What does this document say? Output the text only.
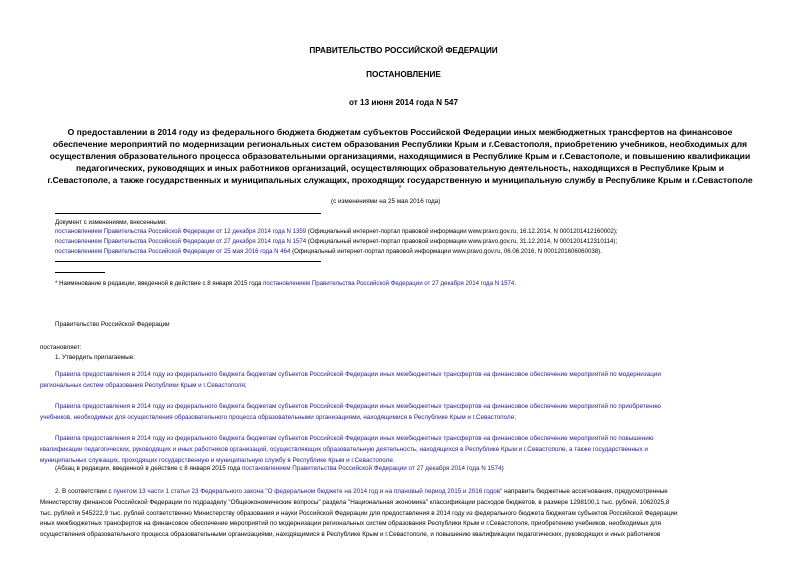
ПРАВИТЕЛЬСТВО РОССИЙСКОЙ ФЕДЕРАЦИИ
ПОСТАНОВЛЕНИЕ
от 13 июня 2014 года N 547
О предоставлении в 2014 году из федерального бюджета бюджетам субъектов Российской Федерации иных межбюджетных трансфертов на финансовое
обеспечение мероприятий по модернизации региональных систем образования Республики Крым и г.Севастополя, приобретению учебников, необходимых для
осуществления образовательного процесса образовательными организациями, находящимися в Республике Крым и г.Севастополе, и повышению квалификации
педагогических, руководящих и иных работников организаций, осуществляющих образовательную деятельность, находящихся в Республике Крым и
г.Севастополе, а также государственных и муниципальных служащих, проходящих государственную и муниципальную службу в Республике Крым и г.Севастополе
*
(с изменениями на 25 мая 2016 года)
Документ с изменениями, внесенными:
постановлением Правительства Российской Федерации от 12 декабря 2014 года N 1359 (Официальный интернет-портал правовой информации www.pravo.gov.ru, 16.12.2014, N 0001201412160002);
постановлением Правительства Российской Федерации от 27 декабря 2014 года N 1574 (Официальный интернет-портал правовой информации www.pravo.gov.ru, 31.12.2014, N 0001201412310114);
постановлением Правительства Российской Федерации от 25 мая 2016 года N 464 (Официальный интернет-портал правовой информации www.pravo.gov.ru, 06.06.2016, N 0001201606060038).
* Наименование в редакции, введенной в действие с 8 января 2015 года постановлением Правительства Российской Федерации от 27 декабря 2014 года N 1574.
Правительство Российской Федерации
постановляет:
1. Утвердить прилагаемые:
Правила предоставления в 2014 году из федерального бюджета бюджетам субъектов Российской Федерации иных межбюджетных трансфертов на финансовое обеспечение мероприятий по модернизации
региональных систем образования Республики Крым и г.Севастополя;
Правила предоставления в 2014 году из федерального бюджета бюджетам субъектов Российской Федерации иных межбюджетных трансфертов на финансовое обеспечение мероприятий по приобретению
учебников, необходимых для осуществления образовательного процесса образовательными организациями, находящимися в Республике Крым и г.Севастополе;
Правила предоставления в 2014 году из федерального бюджета бюджетам субъектов Российской Федерации иных межбюджетных трансфертов на финансовое обеспечение мероприятий по повышению
квалификации педагогических, руководящих и иных работников организаций, осуществляющих образовательную деятельность, находящихся в Республике Крым и г.Севастополе, а также государственных и
муниципальных служащих, проходящих государственную и муниципальную службу в Республике Крым и г.Севастополе.
(Абзац в редакции, введенной в действие с 8 января 2015 года постановлением Правительства Российской Федерации от 27 декабря 2014 года N 1574)
2. В соответствии с пунктом 13 части 1 статьи 23 Федерального закона "О федеральном бюджете на 2014 год и на плановый период 2015 и 2016 годов" направить бюджетные ассигнования, предусмотренные
Министерству финансов Российской Федерации по подразделу "Общеэкономические вопросы" раздела "Национальная экономика" классификации расходов бюджетов, в размере 1298100,1 тыс. рублей, 1062025,8
тыс. рублей и 545222,9 тыс. рублей соответственно Министерству образования и науки Российской Федерации для предоставления в 2014 году из федерального бюджета бюджетам субъектов Российской Федерации
иных межбюджетных трансфертов на финансовое обеспечение мероприятий по модернизации региональных систем образования Республики Крым и г.Севастополя, приобретению учебников, необходимых для
осуществления образовательного процесса образовательными организациями, находящимися в Республике Крым и г.Севастополе, и повышению квалификации педагогических, руководящих и иных работников
